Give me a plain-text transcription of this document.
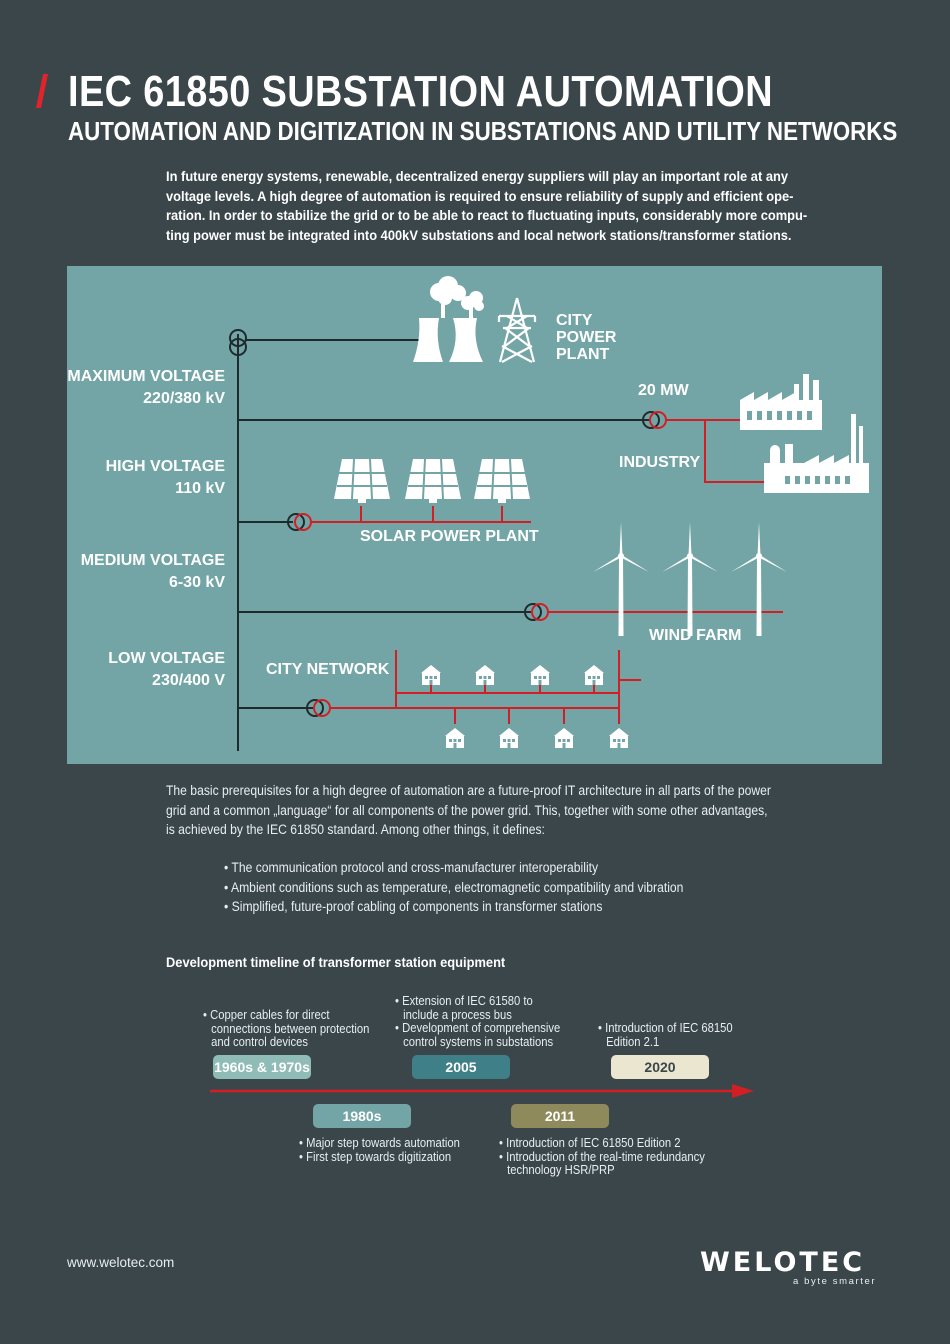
IEC 61850 SUBSTATION AUTOMATION
AUTOMATION AND DIGITIZATION IN SUBSTATIONS AND UTILITY NETWORKS
In future energy systems, renewable, decentralized energy suppliers will play an important role at any
voltage levels. A high degree of automation is required to ensure reliability of supply and efficient ope-
ration. In order to stabilize the grid or to be able to react to fluctuating inputs, considerably more compu-
ting power must be integrated into 400kV substations and local network stations/transformer stations.
MAXIMUM VOLTAGE
220/380 kV
HIGH VOLTAGE
110 kV
MEDIUM VOLTAGE
6-30 kV
LOW VOLTAGE
230/400 V
CITY
POWER
PLANT
20 MW
INDUSTRY
SOLAR POWER PLANT
WIND FARM
CITY NETWORK
The basic prerequisites for a high degree of automation are a future-proof IT architecture in all parts of the power
grid and a common „language“ for all components of the power grid. This, together with some other advantages,
is achieved by the IEC 61850 standard. Among other things, it defines:
• The communication protocol and cross-manufacturer interoperability
• Ambient conditions such as temperature, electromagnetic compatibility and vibration
• Simplified, future-proof cabling of components in transformer stations
Development timeline of transformer station equipment
• Copper cables for direct
connections between protection
and control devices
• Extension of IEC 61580 to
include a process bus
• Development of comprehensive
control systems in substations
• Introduction of IEC 68150
Edition 2.1
1960s & 1970s	2005	2020
1980s	2011
• Major step towards automation
• First step towards digitization
• Introduction of IEC 61850 Edition 2
• Introduction of the real-time redundancy
technology HSR/PRP
www.welotec.com	WELOTEC
a byte smarter
